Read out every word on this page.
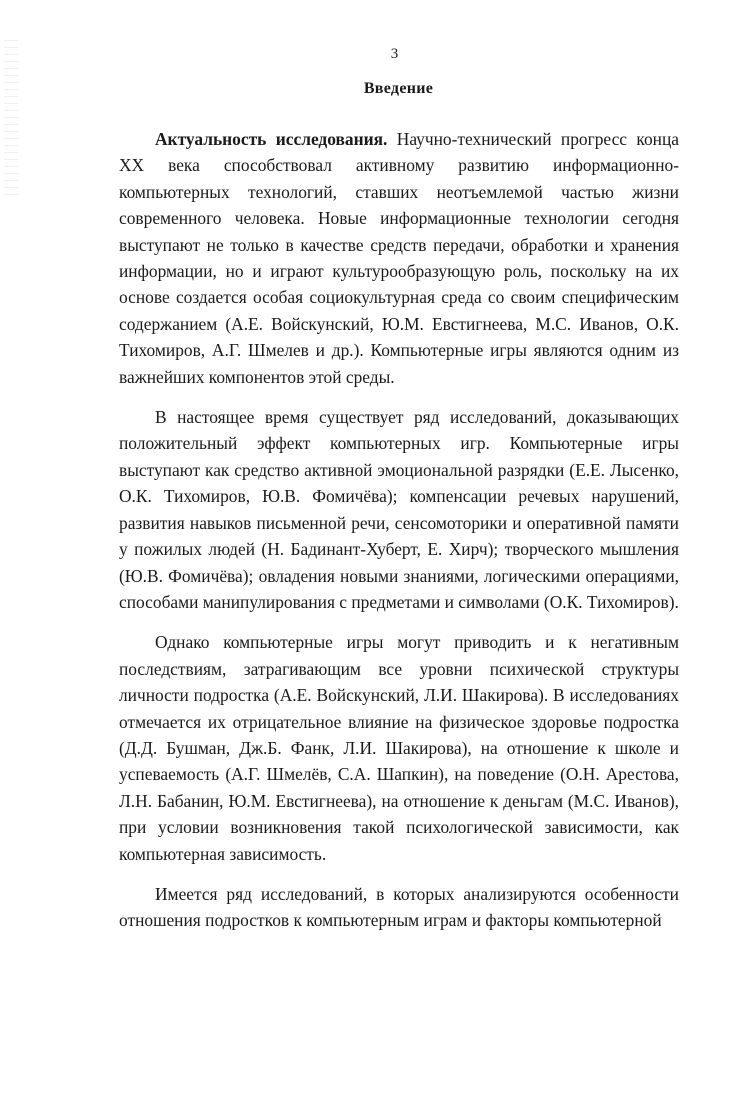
3
Введение

Актуальность исследования. Научно-технический прогресс конца XX века способствовал активному развитию информационно-компьютерных технологий, ставших неотъемлемой частью жизни современного человека. Новые информационные технологии сегодня выступают не только в качестве средств передачи, обработки и хранения информации, но и играют культурообразующую роль, поскольку на их основе создается особая социокультурная среда со своим специфическим содержанием (А.Е. Войскунский, Ю.М. Евстигнеева, М.С. Иванов, О.К. Тихомиров, А.Г. Шмелев и др.). Компьютерные игры являются одним из важнейших компонентов этой среды.

В настоящее время существует ряд исследований, доказывающих положительный эффект компьютерных игр. Компьютерные игры выступают как средство активной эмоциональной разрядки (Е.Е. Лысенко, О.К. Тихомиров, Ю.В. Фомичёва); компенсации речевых нарушений, развития навыков письменной речи, сенсомоторики и оперативной памяти у пожилых людей (Н. Бадинант-Хуберт, Е. Хирч); творческого мышления (Ю.В. Фомичёва); овладения новыми знаниями, логическими операциями, способами манипулирования с предметами и символами (О.К. Тихомиров).

Однако компьютерные игры могут приводить и к негативным последствиям, затрагивающим все уровни психической структуры личности подростка (А.Е. Войскунский, Л.И. Шакирова). В исследованиях отмечается их отрицательное влияние на физическое здоровье подростка (Д.Д. Бушман, Дж.Б. Фанк, Л.И. Шакирова), на отношение к школе и успеваемость (А.Г. Шмелёв, С.А. Шапкин), на поведение (О.Н. Арестова, Л.Н. Бабанин, Ю.М. Евстигнеева), на отношение к деньгам (М.С. Иванов), при условии возникновения такой психологической зависимости, как компьютерная зависимость.

Имеется ряд исследований, в которых анализируются особенности отношения подростков к компьютерным играм и факторы компьютерной
